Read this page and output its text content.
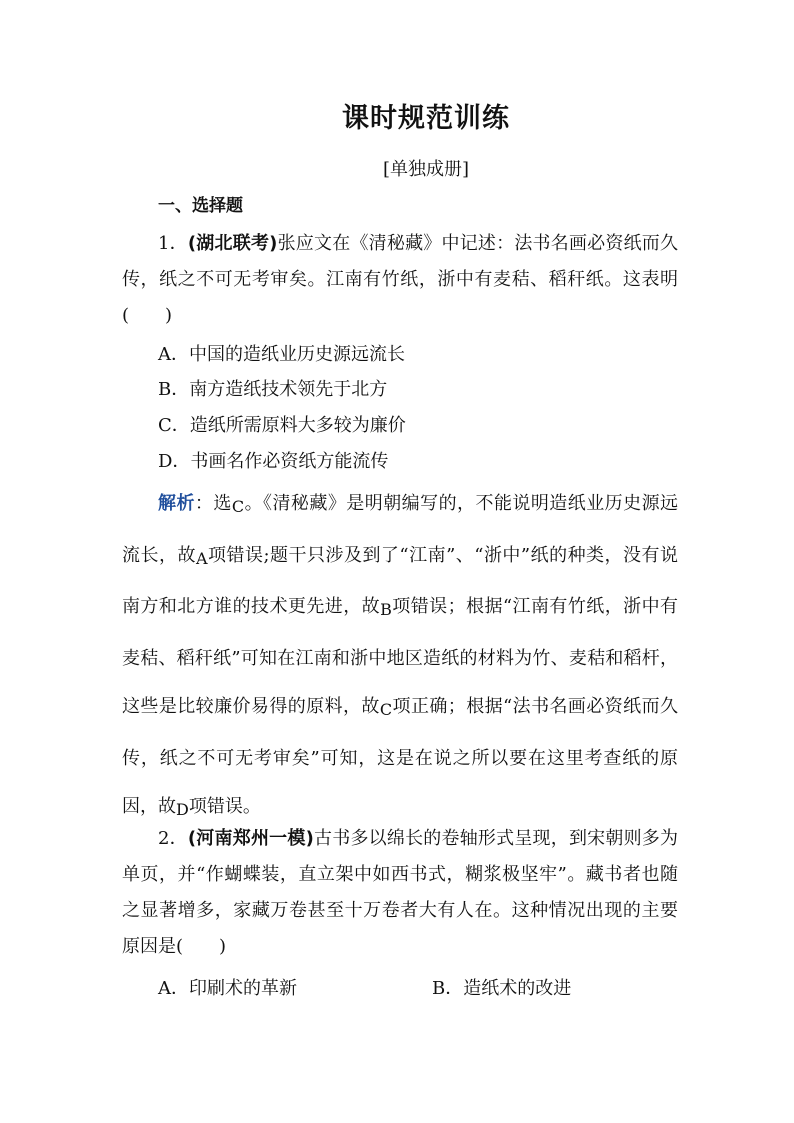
课时规范训练
[单独成册]
一、选择题
1．(湖北联考)张应文在《清秘藏》中记述：法书名画必资纸而久传，纸之不可无考审矣。江南有竹纸，浙中有麦秸、稻秆纸。这表明(　　)
A．中国的造纸业历史源远流长
B．南方造纸技术领先于北方
C．造纸所需原料大多较为廉价
D．书画名作必资纸方能流传
解析：选C。《清秘藏》是明朝编写的，不能说明造纸业历史源远流长，故A项错误;题干只涉及到了“江南”、“浙中”纸的种类，没有说南方和北方谁的技术更先进，故B项错误；根据“江南有竹纸，浙中有麦秸、稻秆纸”可知在江南和浙中地区造纸的材料为竹、麦秸和稻杆，这些是比较廉价易得的原料，故C项正确；根据“法书名画必资纸而久传，纸之不可无考审矣”可知，这是在说之所以要在这里考查纸的原因，故D项错误。
2．(河南郑州一模)古书多以绵长的卷轴形式呈现，到宋朝则多为单页，并“作蝴蝶装，直立架中如西书式，糊浆极坚牢”。藏书者也随之显著增多，家藏万卷甚至十万卷者大有人在。这种情况出现的主要原因是(　　)
A．印刷术的革新	B．造纸术的改进
